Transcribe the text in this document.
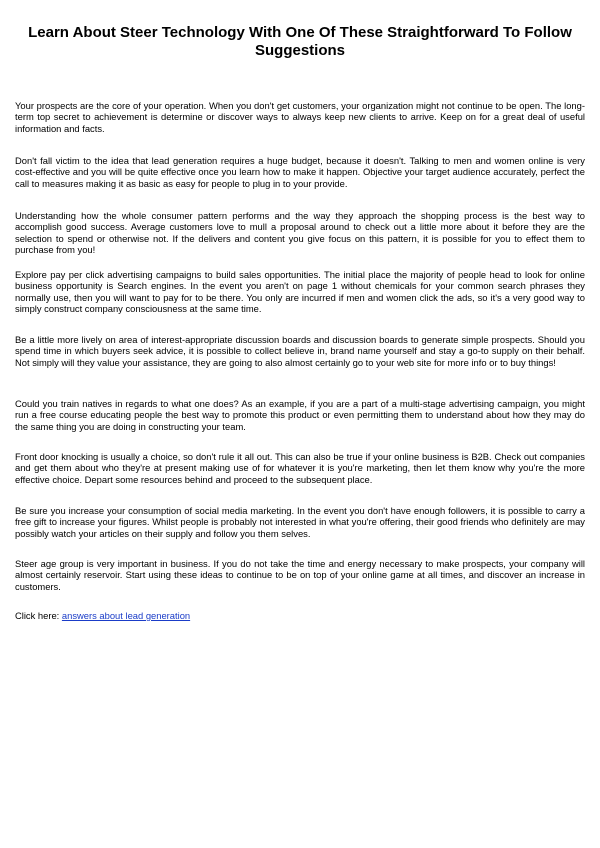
Learn About Steer Technology With One Of These Straightforward To Follow Suggestions

Your prospects are the core of your operation. When you don't get customers, your organization might not continue to be open. The long-term top secret to achievement is determine or discover ways to always keep new clients to arrive. Keep on for a great deal of useful information and facts.

Don't fall victim to the idea that lead generation requires a huge budget, because it doesn't. Talking to men and women online is very cost-effective and you will be quite effective once you learn how to make it happen. Objective your target audience accurately, perfect the call to measures making it as basic as easy for people to plug in to your provide.

Understanding how the whole consumer pattern performs and the way they approach the shopping process is the best way to accomplish good success. Average customers love to mull a proposal around to check out a little more about it before they are the selection to spend or otherwise not. If the delivers and content you give focus on this pattern, it is possible for you to effect them to purchase from you!

Explore pay per click advertising campaigns to build sales opportunities. The initial place the majority of people head to look for online business opportunity is Search engines. In the event you aren't on page 1 without chemicals for your common search phrases they normally use, then you will want to pay for to be there. You only are incurred if men and women click the ads, so it's a very good way to simply construct company consciousness at the same time.

Be a little more lively on area of interest-appropriate discussion boards and discussion boards to generate simple prospects. Should you spend time in which buyers seek advice, it is possible to collect believe in, brand name yourself and stay a go-to supply on their behalf. Not simply will they value your assistance, they are going to also almost certainly go to your web site for more info or to buy things!

Could you train natives in regards to what one does? As an example, if you are a part of a multi-stage advertising campaign, you might run a free course educating people the best way to promote this product or even permitting them to understand about how they may do the same thing you are doing in constructing your team.

Front door knocking is usually a choice, so don't rule it all out. This can also be true if your online business is B2B. Check out companies and get them about who they're at present making use of for whatever it is you're marketing, then let them know why you're the more effective choice. Depart some resources behind and proceed to the subsequent place.

Be sure you increase your consumption of social media marketing. In the event you don't have enough followers, it is possible to carry a free gift to increase your figures. Whilst people is probably not interested in what you're offering, their good friends who definitely are may possibly watch your articles on their supply and follow you them selves.

Steer age group is very important in business. If you do not take the time and energy necessary to make prospects, your company will almost certainly reservoir. Start using these ideas to continue to be on top of your online game at all times, and discover an increase in customers.

Click here: answers about lead generation
